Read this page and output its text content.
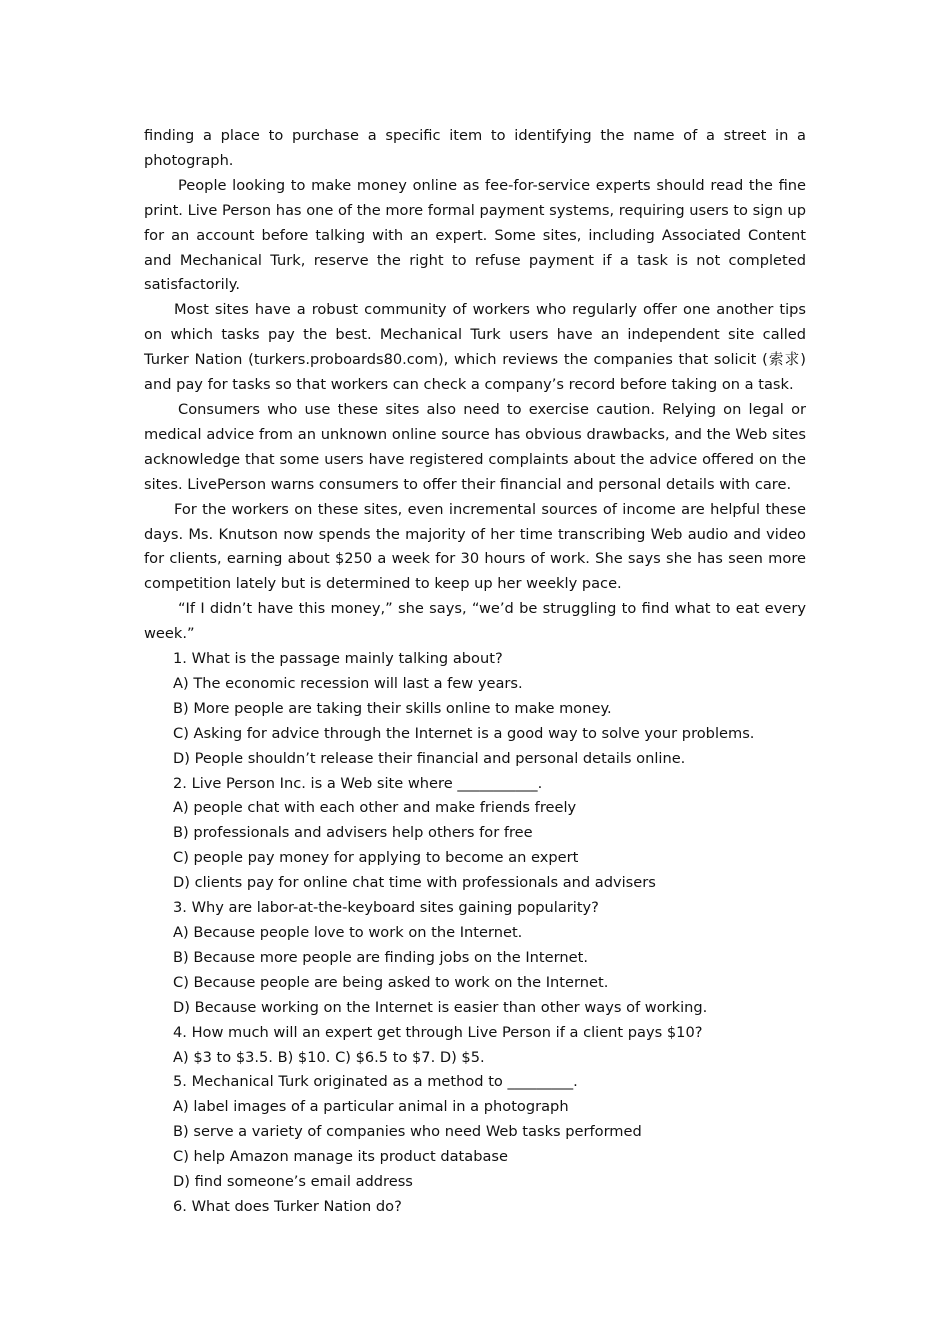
finding a place to purchase a specific item to identifying the name of a street in a photograph.

People looking to make money online as fee-for-service experts should read the fine print. Live Person has one of the more formal payment systems, requiring users to sign up for an account before talking with an expert. Some sites, including Associated Content and Mechanical Turk, reserve the right to refuse payment if a task is not completed satisfactorily.

Most sites have a robust community of workers who regularly offer one another tips on which tasks pay the best. Mechanical Turk users have an independent site called Turker Nation (turkers.proboards80.com), which reviews the companies that solicit (索求) and pay for tasks so that workers can check a company’s record before taking on a task.

Consumers who use these sites also need to exercise caution. Relying on legal or medical advice from an unknown online source has obvious drawbacks, and the Web sites acknowledge that some users have registered complaints about the advice offered on the sites. LivePerson warns consumers to offer their financial and personal details with care.

For the workers on these sites, even incremental sources of income are helpful these days. Ms. Knutson now spends the majority of her time transcribing Web audio and video for clients, earning about $250 a week for 30 hours of work. She says she has seen more competition lately but is determined to keep up her weekly pace.

“If I didn’t have this money,” she says, “we’d be struggling to find what to eat every week.”

1. What is the passage mainly talking about?

A) The economic recession will last a few years.

B) More people are taking their skills online to make money.

C) Asking for advice through the Internet is a good way to solve your problems.

D) People shouldn’t release their financial and personal details online.

2. Live Person Inc. is a Web site where ___________.

A) people chat with each other and make friends freely

B) professionals and advisers help others for free

C) people pay money for applying to become an expert

D) clients pay for online chat time with professionals and advisers

3. Why are labor-at-the-keyboard sites gaining popularity?

A) Because people love to work on the Internet.

B) Because more people are finding jobs on the Internet.

C) Because people are being asked to work on the Internet.

D) Because working on the Internet is easier than other ways of working.

4. How much will an expert get through Live Person if a client pays $10?

A) $3 to $3.5. B) $10. C) $6.5 to $7. D) $5.

5. Mechanical Turk originated as a method to _________.

A) label images of a particular animal in a photograph

B) serve a variety of companies who need Web tasks performed

C) help Amazon manage its product database

D) find someone’s email address

6. What does Turker Nation do?
